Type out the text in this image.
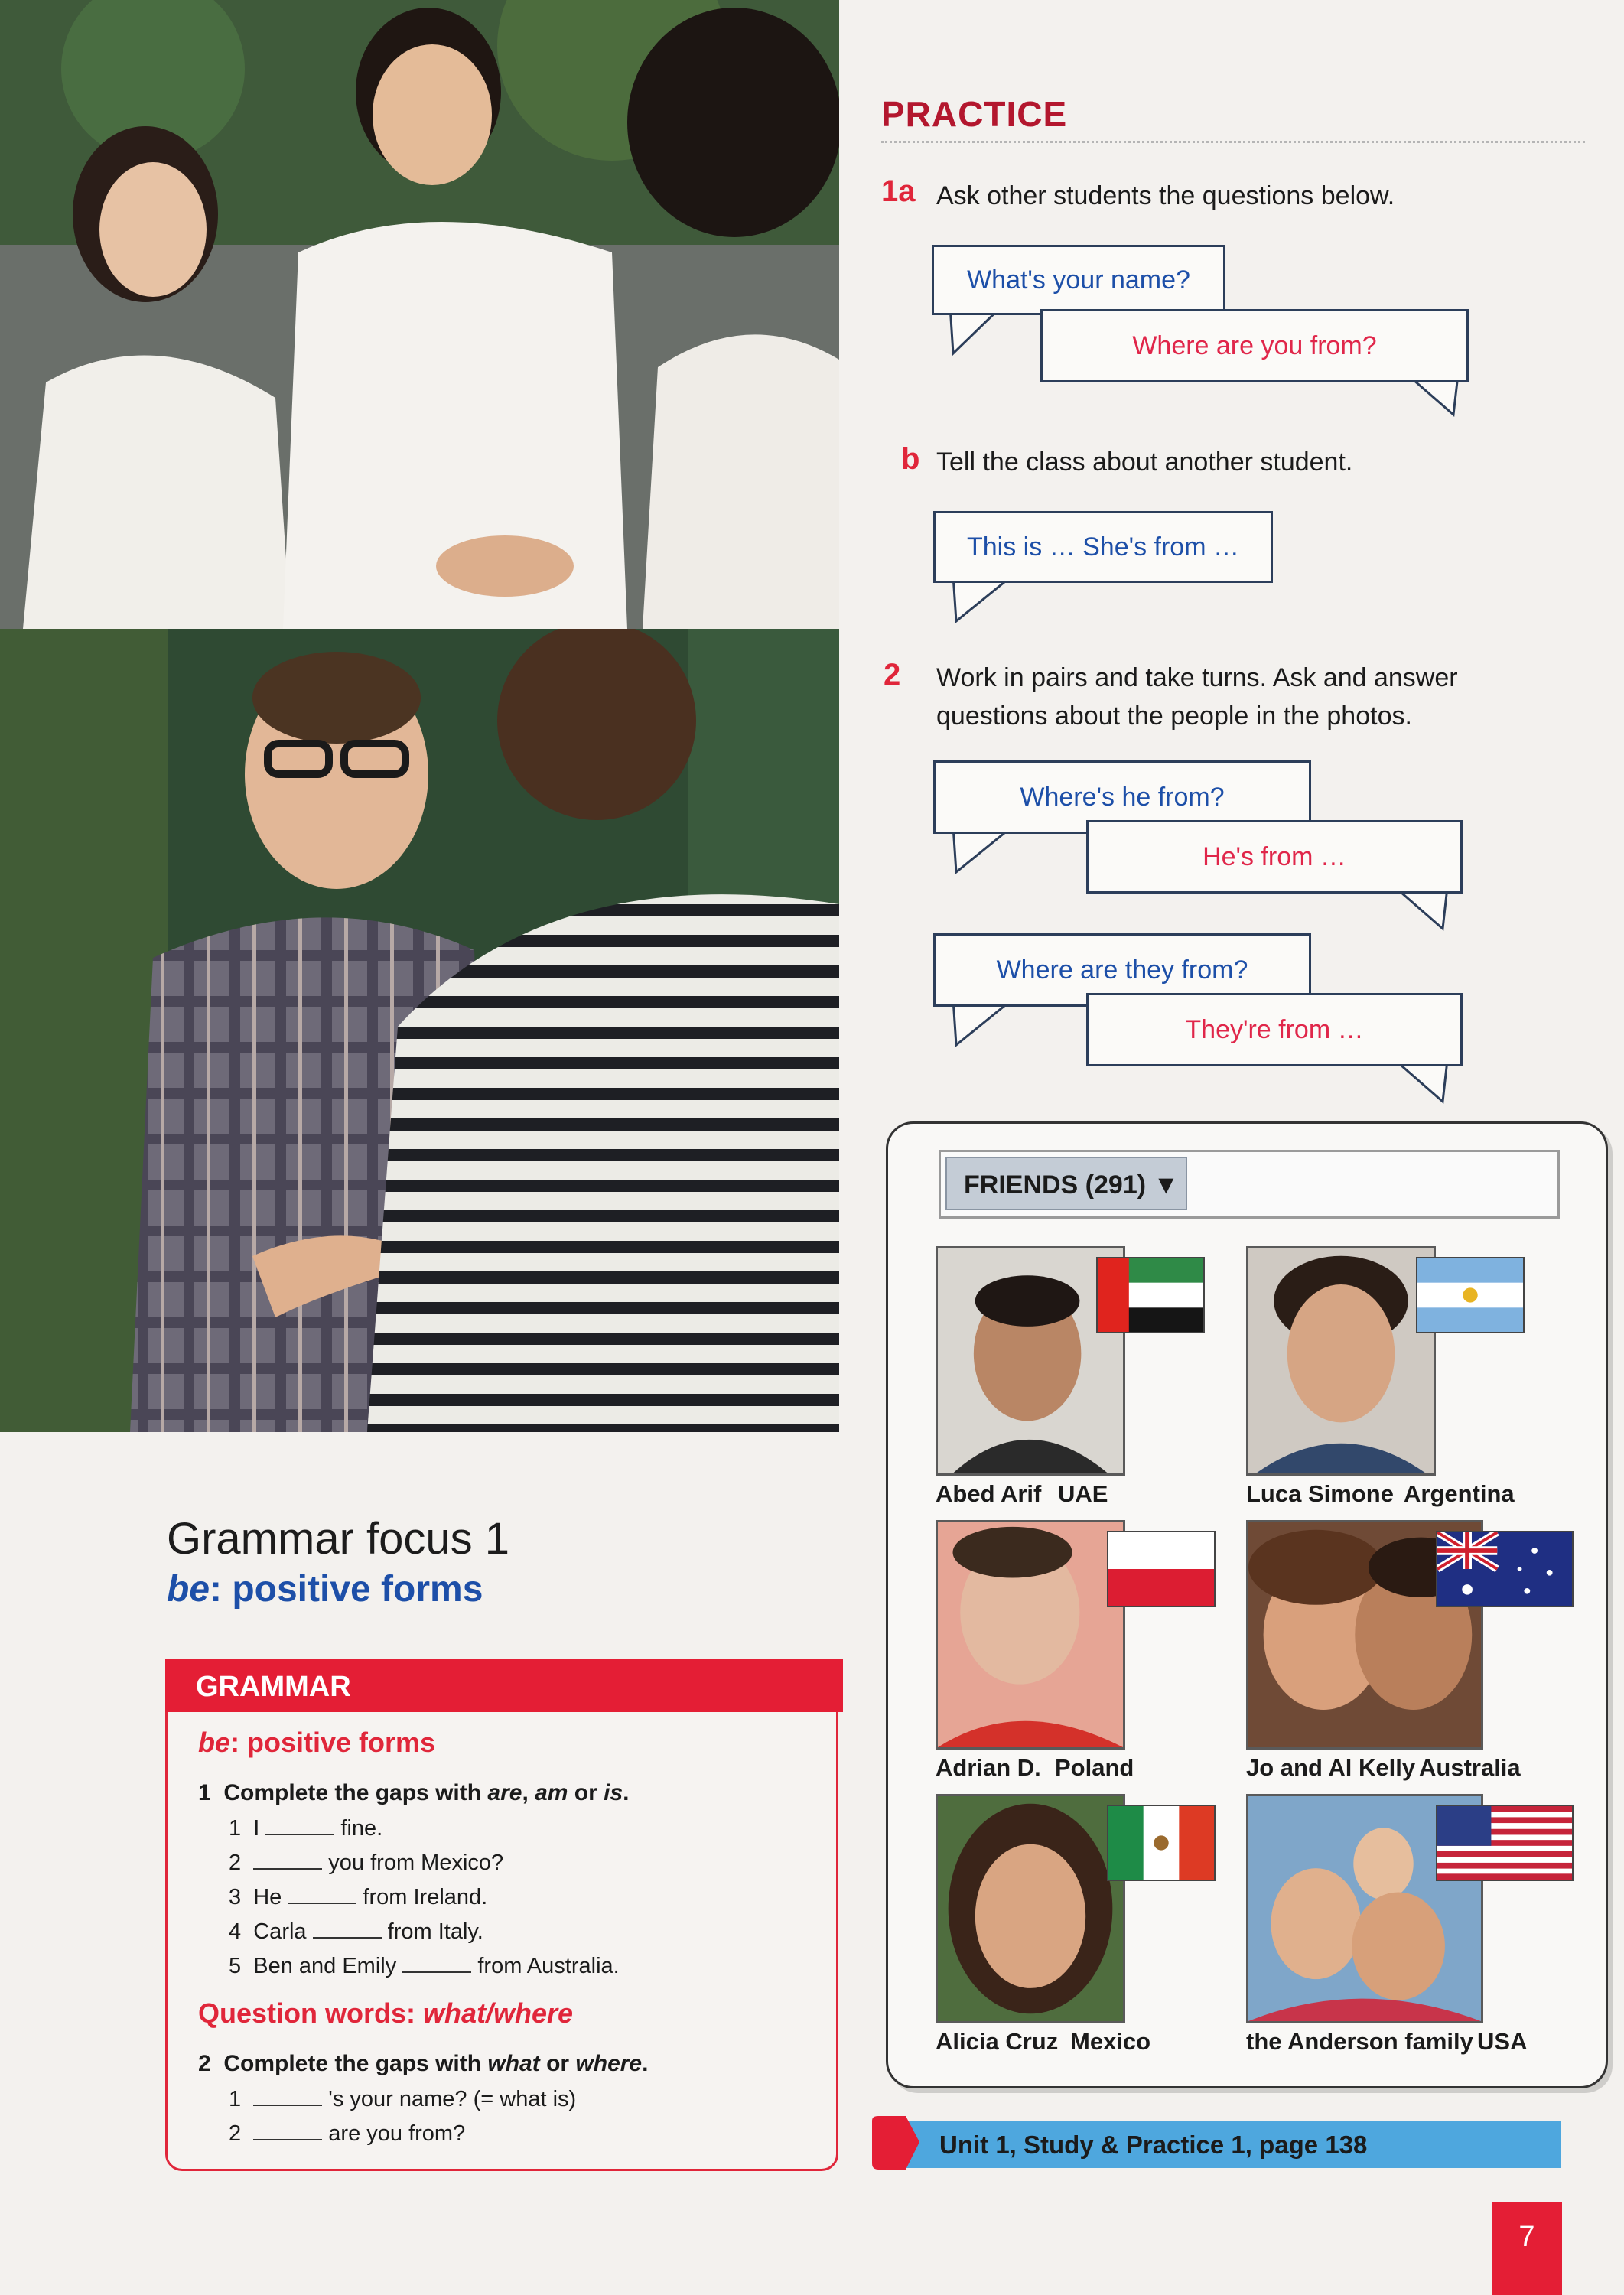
Grammar focus 1
be: positive forms
GRAMMAR
be: positive forms
1 Complete the gaps with are, am or is.
1  I	fine.
2	you from Mexico?
3  He	from Ireland.
4  Carla	from Italy.
5  Ben and Emily	from Australia.
Question words: what/where
2 Complete the gaps with what or where.
1	's your name? (= what is)
2	are you from?
PRACTICE
1a Ask other students the questions below.
What's your name?
Where are you from?
b Tell the class about another student.
This is … She's from …
2 Work in pairs and take turns. Ask and answer
questions about the people in the photos.
Where's he from?
He's from …
Where are they from?
They're from …
FRIENDS (291) ▼
Abed Arif UAE	Luca Simone Argentina
Adrian D. Poland	Jo and Al Kelly Australia
Alicia Cruz Mexico	the Anderson family USA
Unit 1, Study & Practice 1, page 138
7
